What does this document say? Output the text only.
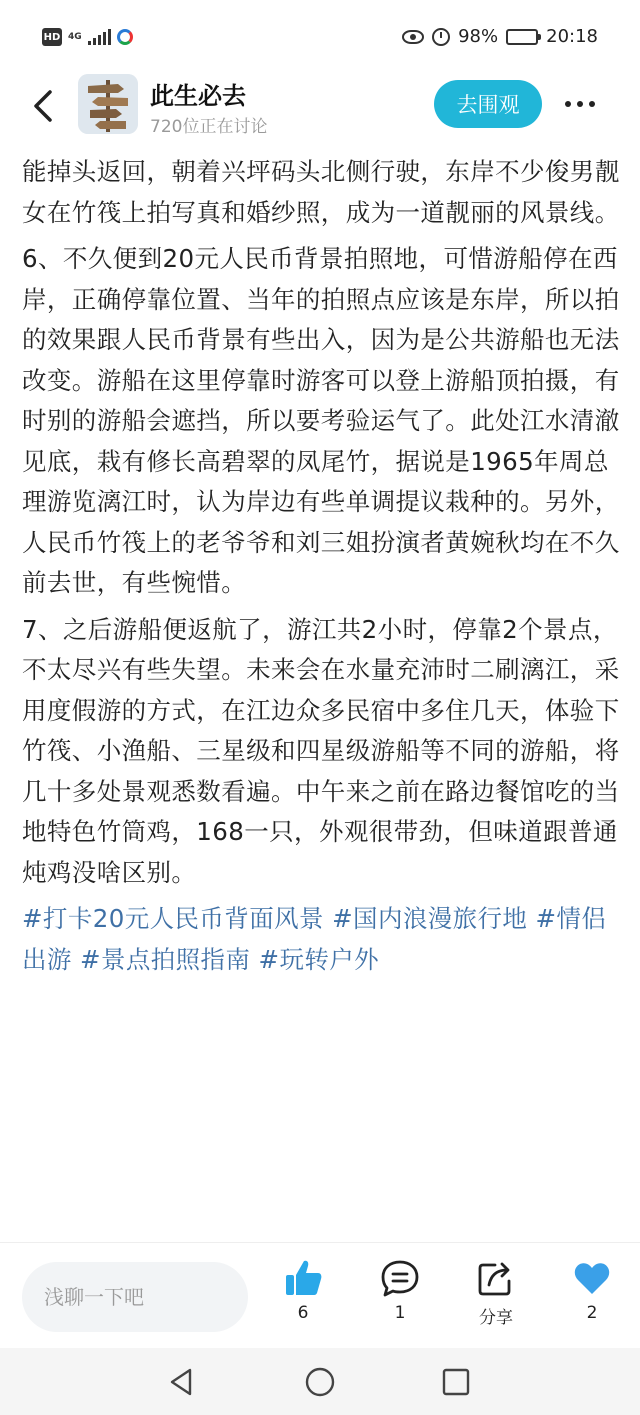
HD 4G	98%	20:18
此生必去
720位正在讨论
去围观

能掉头返回，朝着兴坪码头北侧行驶，东岸不少俊男靓女在竹筏上拍写真和婚纱照，成为一道靓丽的风景线。

6、不久便到20元人民币背景拍照地，可惜游船停在西岸，正确停靠位置、当年的拍照点应该是东岸，所以拍的效果跟人民币背景有些出入，因为是公共游船也无法改变。游船在这里停靠时游客可以登上游船顶拍摄，有时别的游船会遮挡，所以要考验运气了。此处江水清澈见底，栽有修长高碧翠的凤尾竹，据说是1965年周总理游览漓江时，认为岸边有些单调提议栽种的。另外，人民币竹筏上的老爷爷和刘三姐扮演者黄婉秋均在不久前去世，有些惋惜。

7、之后游船便返航了，游江共2小时，停靠2个景点，不太尽兴有些失望。未来会在水量充沛时二刷漓江，采用度假游的方式，在江边众多民宿中多住几天，体验下竹筏、小渔船、三星级和四星级游船等不同的游船，将几十多处景观悉数看遍。中午来之前在路边餐馆吃的当地特色竹筒鸡，168一只，外观很带劲，但味道跟普通炖鸡没啥区别。

#打卡20元人民币背面风景 #国内浪漫旅行地 #情侣出游 #景点拍照指南 #玩转户外
浅聊一下吧
6	1	分享	2
